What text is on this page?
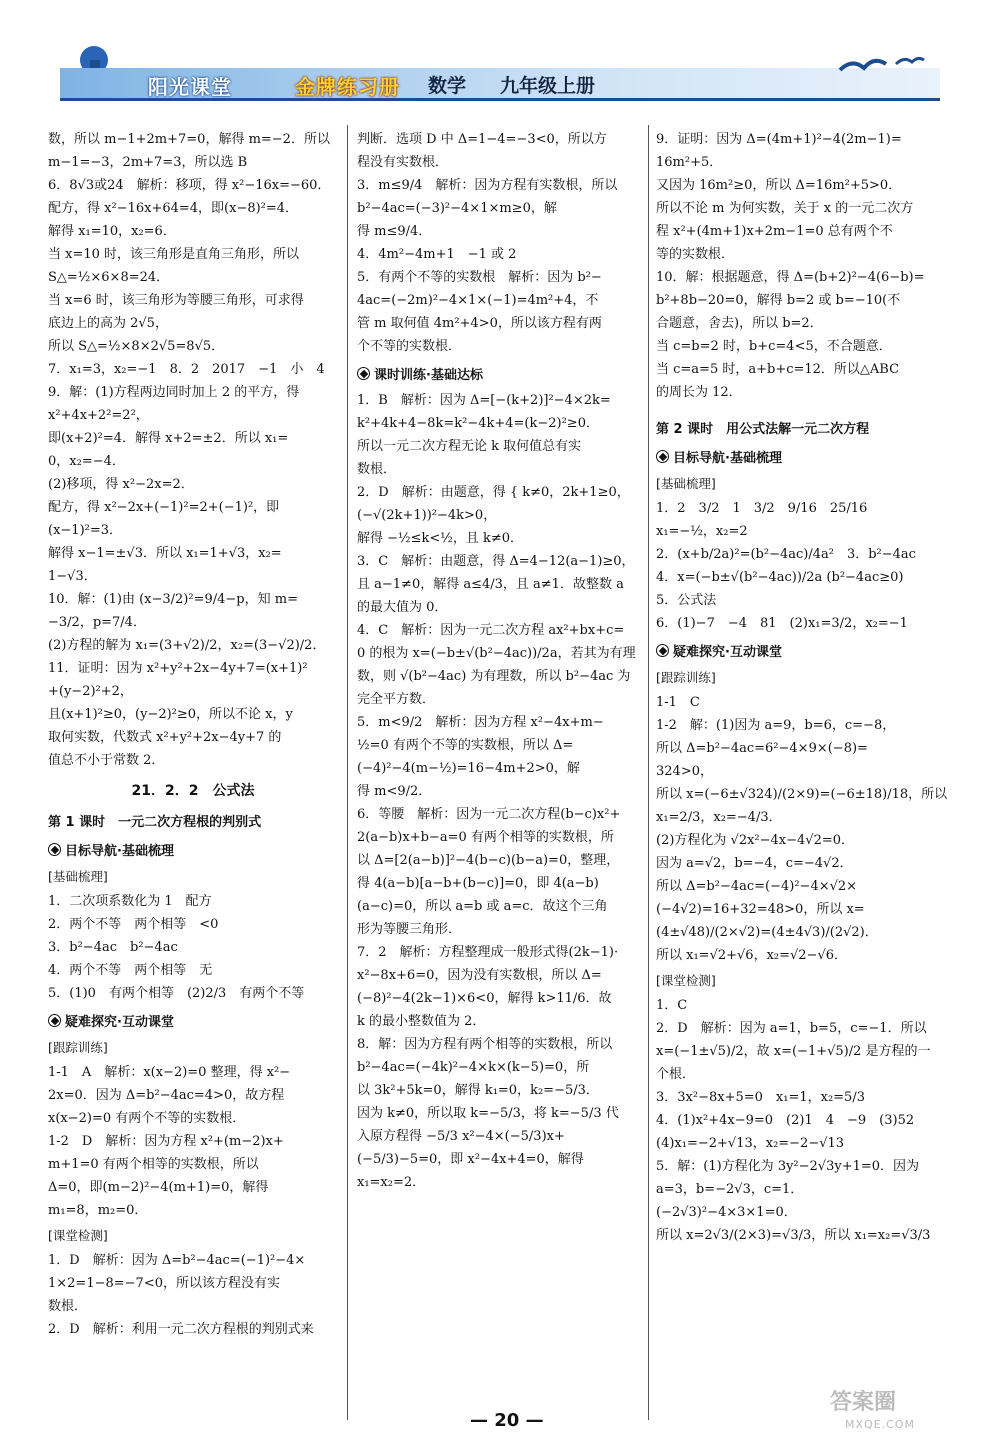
阳光课堂	金牌练习册 数学 九年级上册

数，所以 m−1+2m+7=0，解得 m=−2．所以

m−1=−3，2m+7=3，所以选 B

6．8√3或24　解析：移项，得 x²−16x=−60．

配方，得 x²−16x+64=4，即(x−8)²=4．

解得 x₁=10，x₂=6．

当 x=10 时，该三角形是直角三角形，所以

S△=½×6×8=24．

当 x=6 时，该三角形为等腰三角形，可求得

底边上的高为 2√5，

所以 S△=½×8×2√5=8√5．

7．x₁=3，x₂=−1　8．2　2017　−1　小　4

9．解：(1)方程两边同时加上 2 的平方，得

x²+4x+2²=2²，

即(x+2)²=4．解得 x+2=±2．所以 x₁=

0，x₂=−4．

(2)移项，得 x²−2x=2．

配方，得 x²−2x+(−1)²=2+(−1)²，即

(x−1)²=3．

解得 x−1=±√3．所以 x₁=1+√3，x₂=

1−√3．

10．解：(1)由 (x−3/2)²=9/4−p，知 m=

−3/2，p=7/4．

(2)方程的解为 x₁=(3+√2)/2，x₂=(3−√2)/2．

11．证明：因为 x²+y²+2x−4y+7=(x+1)²

+(y−2)²+2，

且(x+1)²≥0，(y−2)²≥0，所以不论 x，y

取何实数，代数式 x²+y²+2x−4y+7 的

值总不小于常数 2．

21．2．2　公式法
第 1 课时　一元二次方程根的判别式
目标导航·基础梳理
[基础梳理]

1．二次项系数化为 1　配方

2．两个不等　两个相等　<0

3．b²−4ac　b²−4ac

4．两个不等　两个相等　无

5．(1)0　有两个相等　(2)2/3　有两个不等

疑难探究·互动课堂
[跟踪训练]

1-1　A　解析：x(x−2)=0 整理，得 x²−

2x=0．因为 Δ=b²−4ac=4>0，故方程

x(x−2)=0 有两个不等的实数根．

1-2　D　解析：因为方程 x²+(m−2)x+

m+1=0 有两个相等的实数根，所以

Δ=0，即(m−2)²−4(m+1)=0，解得

m₁=8，m₂=0．

[课堂检测]

1．D　解析：因为 Δ=b²−4ac=(−1)²−4×

1×2=1−8=−7<0，所以该方程没有实

数根．

2．D　解析：利用一元二次方程根的判别式来

判断．选项 D 中 Δ=1−4=−3<0，所以方

程没有实数根．

3．m≤9/4　解析：因为方程有实数根，所以

b²−4ac=(−3)²−4×1×m≥0，解

得 m≤9/4．

4．4m²−4m+1　−1 或 2

5．有两个不等的实数根　解析：因为 b²−

4ac=(−2m)²−4×1×(−1)=4m²+4，不

管 m 取何值 4m²+4>0，所以该方程有两

个不等的实数根．

课时训练·基础达标

1．B　解析：因为 Δ=[−(k+2)]²−4×2k=

k²+4k+4−8k=k²−4k+4=(k−2)²≥0．

所以一元二次方程无论 k 取何值总有实

数根．

2．D　解析：由题意，得 { k≠0，2k+1≥0，(−√(2k+1))²−4k>0，

解得 −½≤k<½，且 k≠0．

3．C　解析：由题意，得 Δ=4−12(a−1)≥0，

且 a−1≠0，解得 a≤4/3，且 a≠1．故整数 a

的最大值为 0．

4．C　解析：因为一元二次方程 ax²+bx+c=

0 的根为 x=(−b±√(b²−4ac))/2a，若其为有理

数，则 √(b²−4ac) 为有理数，所以 b²−4ac 为

完全平方数．

5．m<9/2　解析：因为方程 x²−4x+m−

½=0 有两个不等的实数根，所以 Δ=

(−4)²−4(m−½)=16−4m+2>0，解

得 m<9/2．

6．等腰　解析：因为一元二次方程(b−c)x²+

2(a−b)x+b−a=0 有两个相等的实数根，所

以 Δ=[2(a−b)]²−4(b−c)(b−a)=0，整理，

得 4(a−b)[a−b+(b−c)]=0，即 4(a−b)

(a−c)=0，所以 a=b 或 a=c．故这个三角

形为等腰三角形．

7．2　解析：方程整理成一般形式得(2k−1)·

x²−8x+6=0，因为没有实数根，所以 Δ=

(−8)²−4(2k−1)×6<0，解得 k>11/6．故

k 的最小整数值为 2．

8．解：因为方程有两个相等的实数根，所以

b²−4ac=(−4k)²−4×k×(k−5)=0，所

以 3k²+5k=0，解得 k₁=0，k₂=−5/3．

因为 k≠0，所以取 k=−5/3，将 k=−5/3 代

入原方程得 −5/3 x²−4×(−5/3)x+

(−5/3)−5=0，即 x²−4x+4=0，解得

x₁=x₂=2．

9．证明：因为 Δ=(4m+1)²−4(2m−1)=

16m²+5．

又因为 16m²≥0，所以 Δ=16m²+5>0．

所以不论 m 为何实数，关于 x 的一元二次方

程 x²+(4m+1)x+2m−1=0 总有两个不

等的实数根．

10．解：根据题意，得 Δ=(b+2)²−4(6−b)=

b²+8b−20=0，解得 b=2 或 b=−10(不

合题意，舍去)，所以 b=2．

当 c=b=2 时，b+c=4<5，不合题意．

当 c=a=5 时，a+b+c=12．所以△ABC

的周长为 12．

第 2 课时　用公式法解一元二次方程
目标导航·基础梳理
[基础梳理]

1．2　3/2　1　3/2　9/16　25/16

x₁=−½，x₂=2

2．(x+b/2a)²=(b²−4ac)/4a²　3．b²−4ac

4．x=(−b±√(b²−4ac))/2a (b²−4ac≥0)

5．公式法

6．(1)−7　−4　81　(2)x₁=3/2，x₂=−1

疑难探究·互动课堂
[跟踪训练]

1-1　C

1-2　解：(1)因为 a=9，b=6，c=−8，

所以 Δ=b²−4ac=6²−4×9×(−8)=

324>0，

所以 x=(−6±√324)/(2×9)=(−6±18)/18，所以

x₁=2/3，x₂=−4/3．

(2)方程化为 √2x²−4x−4√2=0．

因为 a=√2，b=−4，c=−4√2．

所以 Δ=b²−4ac=(−4)²−4×√2×

(−4√2)=16+32=48>0，所以 x=

(4±√48)/(2×√2)=(4±4√3)/(2√2)．

所以 x₁=√2+√6，x₂=√2−√6．

[课堂检测]

1．C

2．D　解析：因为 a=1，b=5，c=−1．所以

x=(−1±√5)/2，故 x=(−1+√5)/2 是方程的一

个根．

3．3x²−8x+5=0　x₁=1，x₂=5/3

4．(1)x²+4x−9=0　(2)1　4　−9　(3)52

(4)x₁=−2+√13，x₂=−2−√13

5．解：(1)方程化为 3y²−2√3y+1=0．因为

a=3，b=−2√3，c=1．

(−2√3)²−4×3×1=0．

所以 x=2√3/(2×3)=√3/3，所以 x₁=x₂=√3/3

— 20 —
答案圈
MXQE.COM
